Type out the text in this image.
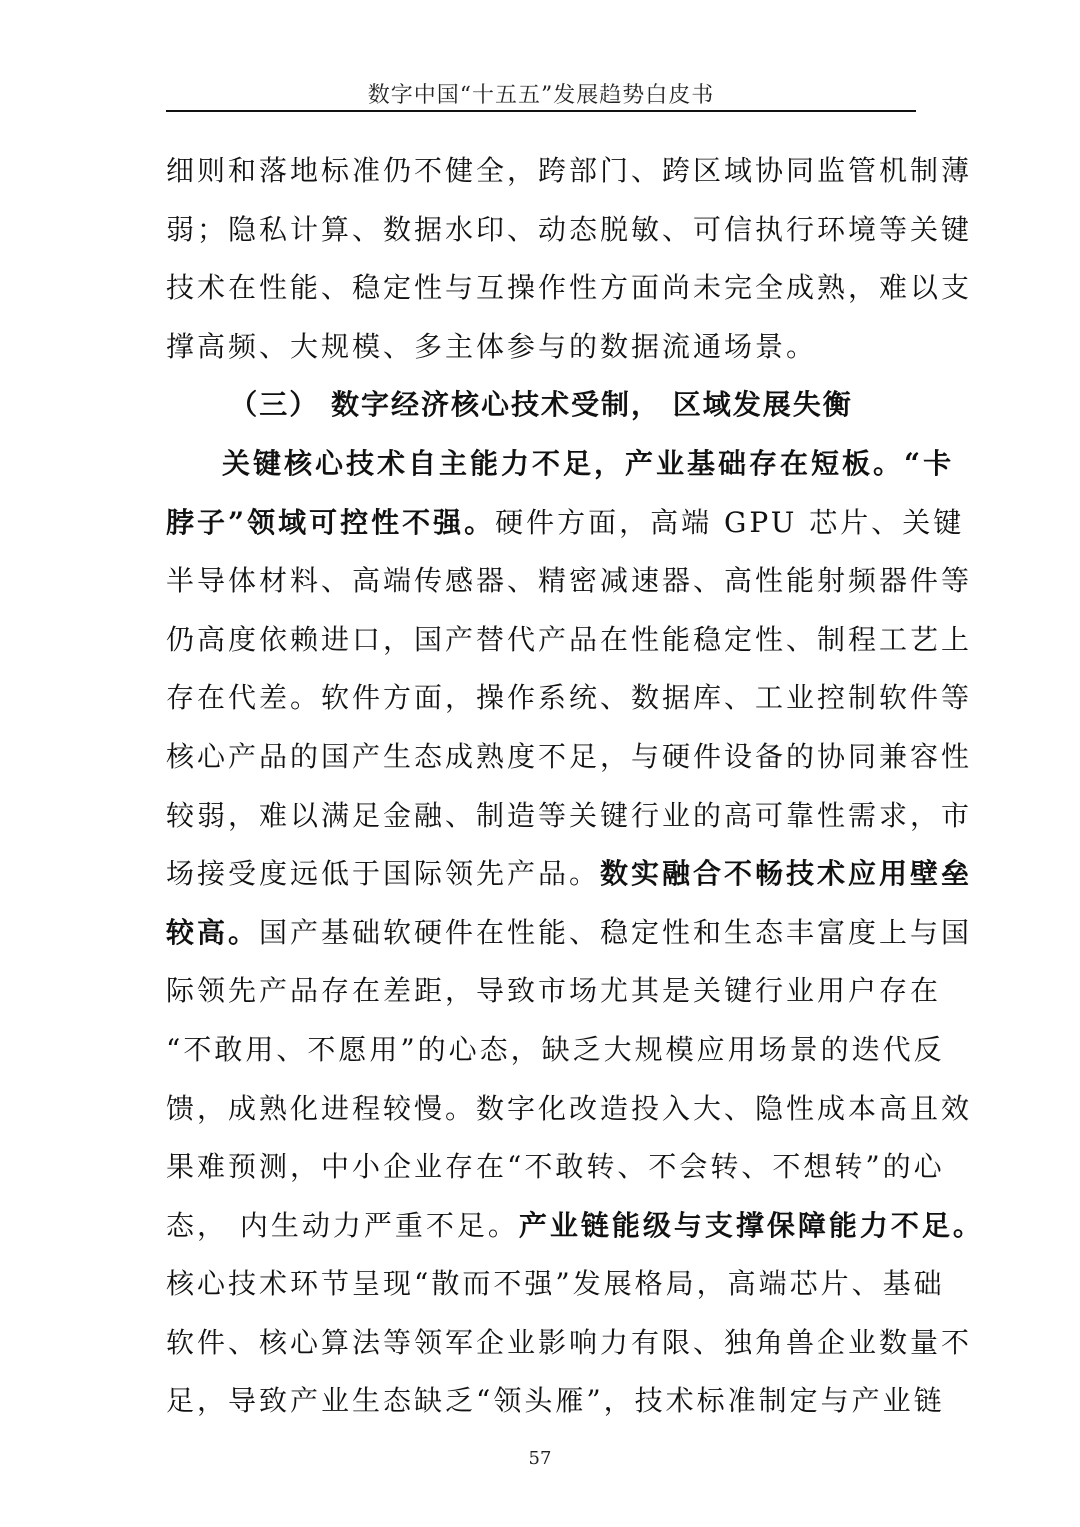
数字中国“十五五”发展趋势白皮书
细则和落地标准仍不健全，跨部门、跨区域协同监管机制薄
弱；隐私计算、数据水印、动态脱敏、可信执行环境等关键
技术在性能、稳定性与互操作性方面尚未完全成熟，难以支
撑高频、大规模、多主体参与的数据流通场景。
（三） 数字经济核心技术受制， 区域发展失衡
关键核心技术自主能力不足，产业基础存在短板。“卡
脖子”领域可控性不强。硬件方面，高端 GPU 芯片、关键
半导体材料、高端传感器、精密减速器、高性能射频器件等
仍高度依赖进口，国产替代产品在性能稳定性、制程工艺上
存在代差。软件方面，操作系统、数据库、工业控制软件等
核心产品的国产生态成熟度不足，与硬件设备的协同兼容性
较弱，难以满足金融、制造等关键行业的高可靠性需求，市
场接受度远低于国际领先产品。数实融合不畅技术应用壁垒
较高。国产基础软硬件在性能、稳定性和生态丰富度上与国
际领先产品存在差距，导致市场尤其是关键行业用户存在
“不敢用、不愿用”的心态，缺乏大规模应用场景的迭代反
馈，成熟化进程较慢。数字化改造投入大、隐性成本高且效
果难预测，中小企业存在“不敢转、不会转、不想转”的心
态， 内生动力严重不足。产业链能级与支撑保障能力不足。
核心技术环节呈现“散而不强”发展格局，高端芯片、基础
软件、核心算法等领军企业影响力有限、独角兽企业数量不
足，导致产业生态缺乏“领头雁”，技术标准制定与产业链
57
